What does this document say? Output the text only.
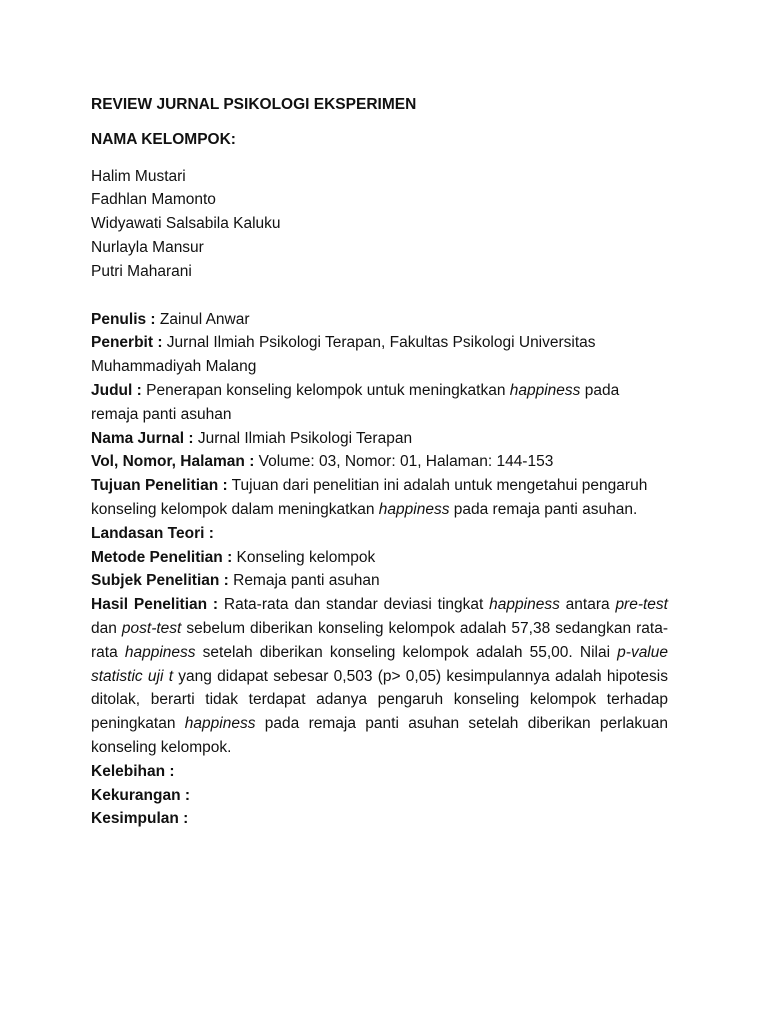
REVIEW JURNAL PSIKOLOGI EKSPERIMEN
NAMA KELOMPOK:
Halim Mustari
Fadhlan Mamonto
Widyawati Salsabila Kaluku
Nurlayla Mansur
Putri Maharani

Penulis : Zainul Anwar

Penerbit : Jurnal Ilmiah Psikologi Terapan, Fakultas Psikologi Universitas Muhammadiyah Malang

Judul : Penerapan konseling kelompok untuk meningkatkan happiness pada remaja panti asuhan

Nama Jurnal : Jurnal Ilmiah Psikologi Terapan

Vol, Nomor, Halaman : Volume: 03, Nomor: 01, Halaman: 144-153

Tujuan Penelitian : Tujuan dari penelitian ini adalah untuk mengetahui pengaruh konseling kelompok dalam meningkatkan happiness pada remaja panti asuhan.

Landasan Teori :

Metode Penelitian : Konseling kelompok

Subjek Penelitian : Remaja panti asuhan

Hasil Penelitian : Rata-rata dan standar deviasi tingkat happiness antara pre-test dan post-test sebelum diberikan konseling kelompok adalah 57,38 sedangkan rata-rata happiness setelah diberikan konseling kelompok adalah 55,00. Nilai p-value statistic uji t yang didapat sebesar 0,503 (p> 0,05) kesimpulannya adalah hipotesis ditolak, berarti tidak terdapat adanya pengaruh konseling kelompok terhadap peningkatan happiness pada remaja panti asuhan setelah diberikan perlakuan konseling kelompok.

Kelebihan :

Kekurangan :

Kesimpulan :
